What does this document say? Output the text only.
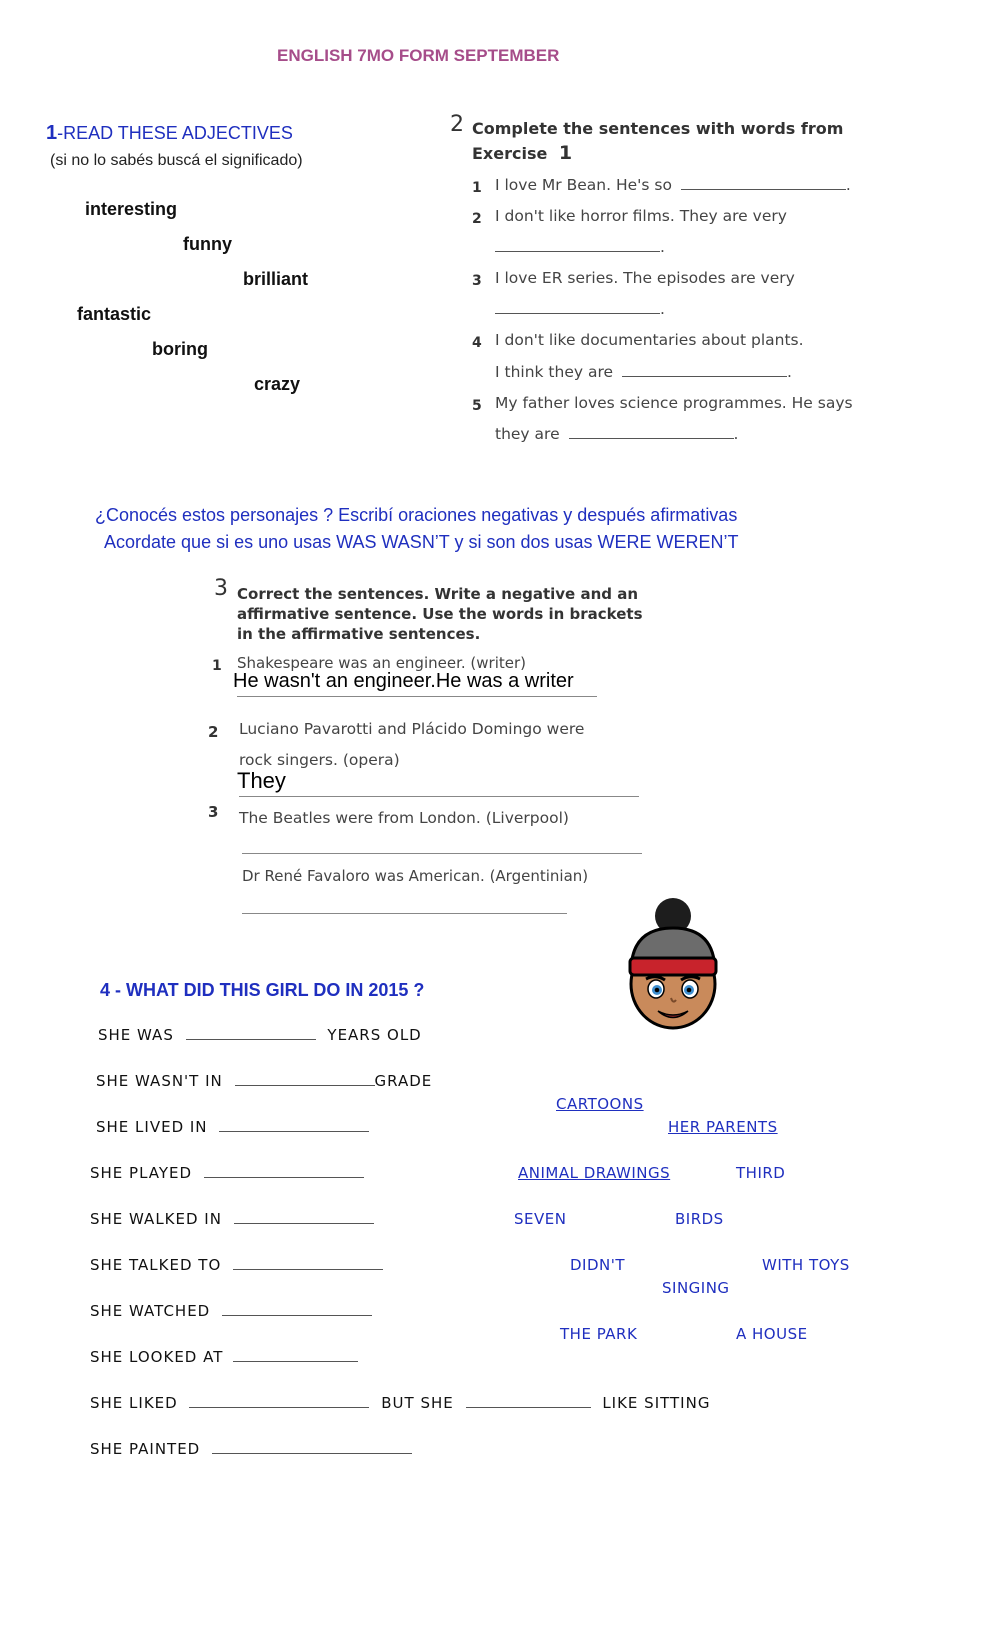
ENGLISH 7MO FORM SEPTEMBER
1-READ THESE ADJECTIVES
(si no lo sabés buscá el significado)
interesting
funny
brilliant
fantastic
boring
crazy
2 Complete the sentences with words from
Exercise 1
1 I love Mr Bean. He's so	.
2 I don't like horror films. They are very
.
3 I love ER series. The episodes are very
.
4 I don't like documentaries about plants.
I think they are	.
5 My father loves science programmes. He says
they are	.
¿Conocés estos personajes ? Escribí oraciones negativas y después afirmativas
Acordate que si es uno usas WAS WASN’T y si son dos usas WERE WEREN’T
3 Correct the sentences. Write a negative and an
affirmative sentence. Use the words in brackets
in the affirmative sentences.
1 Shakespeare was an engineer. (writer)
He wasn't an engineer.He was a writer
2 Luciano Pavarotti and Plácido Domingo were
rock singers. (opera)
They
3 The Beatles were from London. (Liverpool)
Dr René Favaloro was American. (Argentinian)
4 - WHAT DID THIS GIRL DO IN 2015 ?
SHE WAS	YEARS OLD
SHE WASN'T IN	GRADE
SHE LIVED IN
SHE PLAYED
SHE WALKED IN
SHE TALKED TO
SHE WATCHED
SHE LOOKED AT
SHE LIKED	BUT SHE	LIKE SITTING
SHE PAINTED
CARTOONS
HER PARENTS
ANIMAL DRAWINGS	THIRD
SEVEN	BIRDS
DIDN'T	WITH TOYS
SINGING
THE PARK	A HOUSE
